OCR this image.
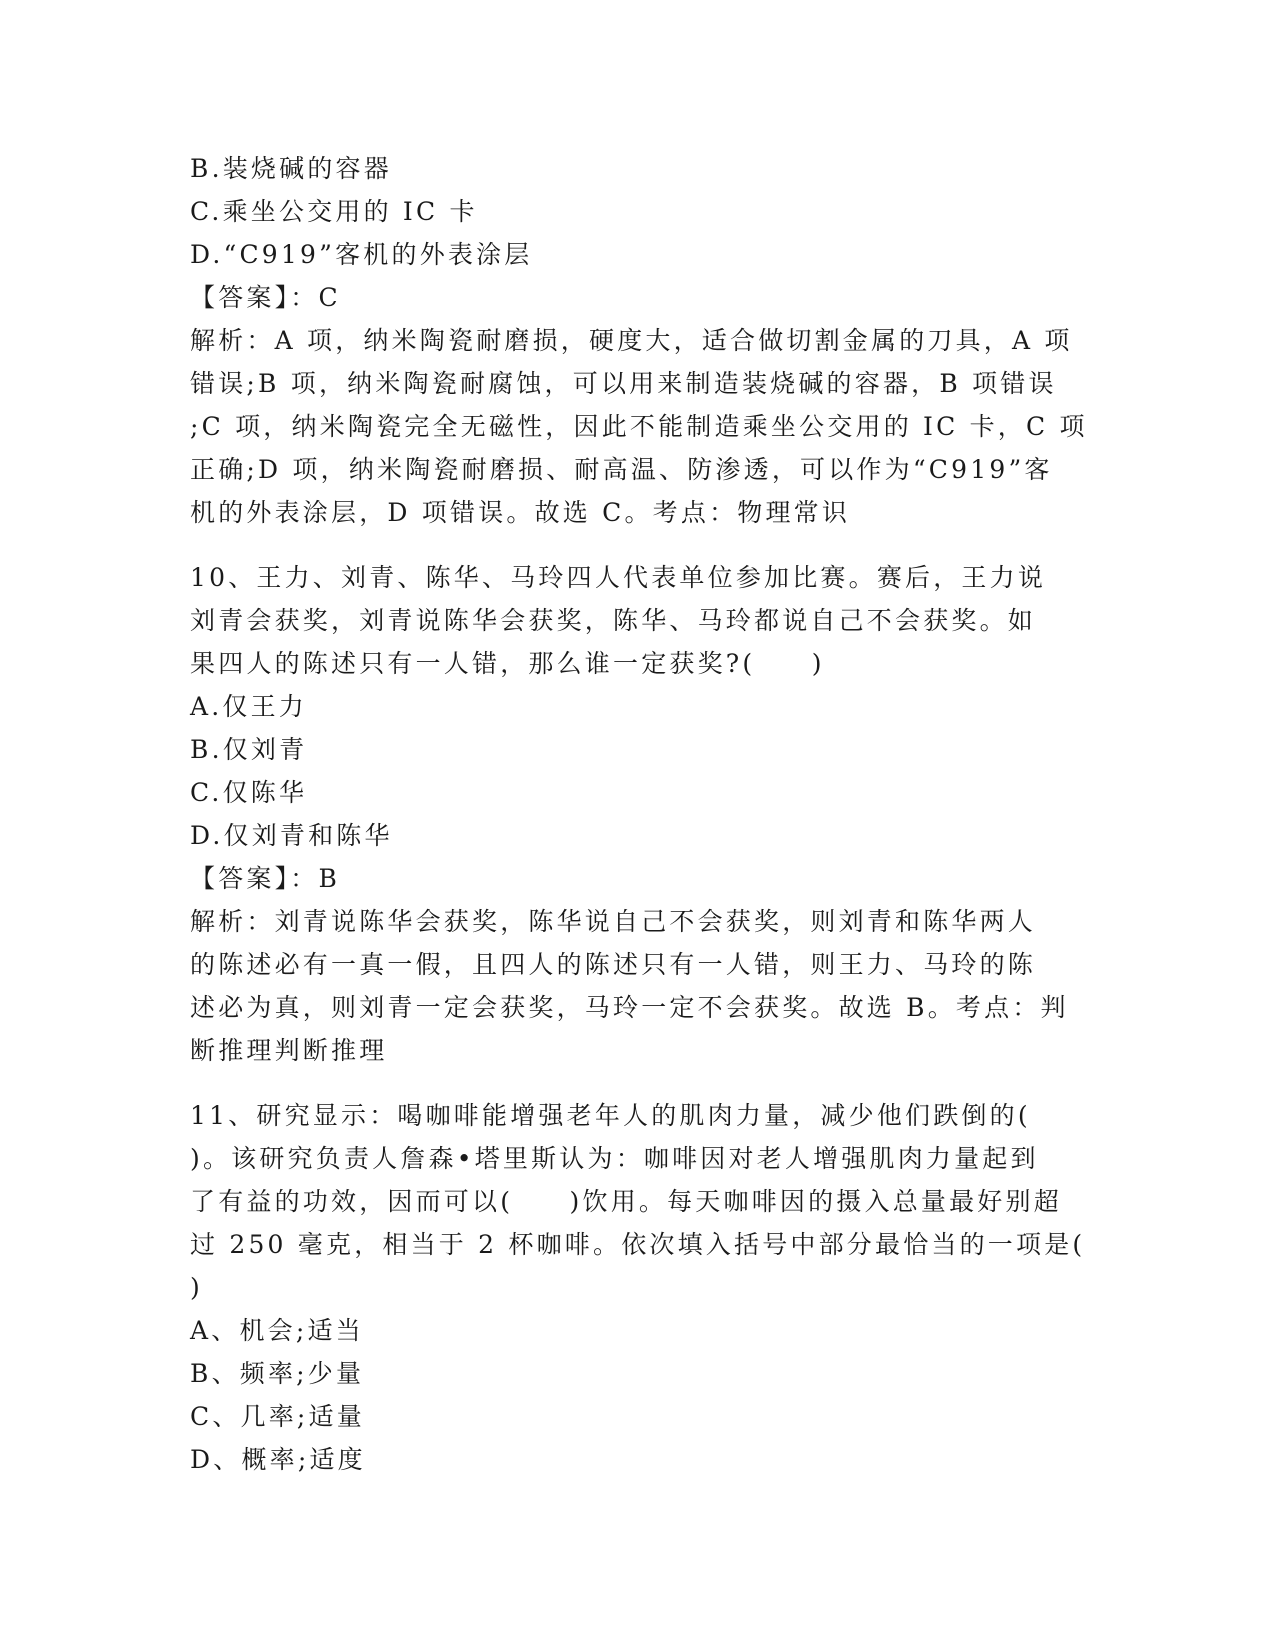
B.装烧碱的容器
C.乘坐公交用的 IC 卡
D.“C919”客机的外表涂层
【答案】：C
解析：A 项，纳米陶瓷耐磨损，硬度大，适合做切割金属的刀具，A 项
错误;B 项，纳米陶瓷耐腐蚀，可以用来制造装烧碱的容器，B 项错误
;C 项，纳米陶瓷完全无磁性，因此不能制造乘坐公交用的 IC 卡，C 项
正确;D 项，纳米陶瓷耐磨损、耐高温、防渗透，可以作为“C919”客
机的外表涂层，D 项错误。故选 C。考点：物理常识
10、王力、刘青、陈华、马玲四人代表单位参加比赛。赛后，王力说
刘青会获奖，刘青说陈华会获奖，陈华、马玲都说自己不会获奖。如
果四人的陈述只有一人错，那么谁一定获奖?(　　)
A.仅王力
B.仅刘青
C.仅陈华
D.仅刘青和陈华
【答案】：B
解析：刘青说陈华会获奖，陈华说自己不会获奖，则刘青和陈华两人
的陈述必有一真一假，且四人的陈述只有一人错，则王力、马玲的陈
述必为真，则刘青一定会获奖，马玲一定不会获奖。故选 B。考点：判
断推理判断推理
11、研究显示：喝咖啡能增强老年人的肌肉力量，减少他们跌倒的(
)。该研究负责人詹森•塔里斯认为：咖啡因对老人增强肌肉力量起到
了有益的功效，因而可以(　　)饮用。每天咖啡因的摄入总量最好别超
过 250 毫克，相当于 2 杯咖啡。依次填入括号中部分最恰当的一项是(
)
A、机会;适当
B、频率;少量
C、几率;适量
D、概率;适度
